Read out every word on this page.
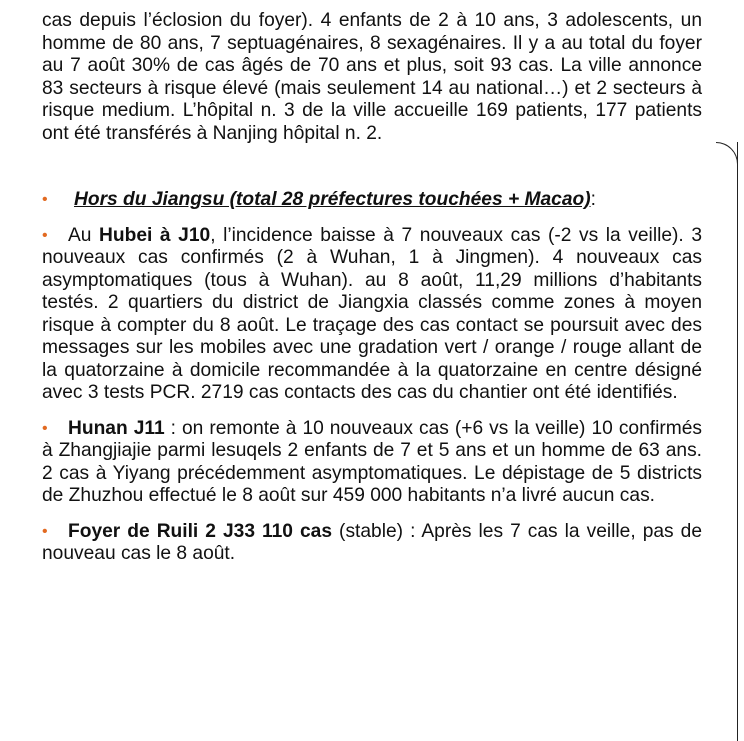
cas depuis l’éclosion du foyer). 4 enfants de 2 à 10 ans, 3 adolescents, un homme de 80 ans, 7 septuagénaires, 8 sexagénaires. Il y a au total du foyer au 7 août 30% de cas âgés de 70 ans et plus, soit 93 cas. La ville annonce 83 secteurs à risque élevé (mais seulement 14 au national…) et 2 secteurs à risque medium. L’hôpital n. 3 de la ville accueille 169 patients, 177 patients ont été transférés à Nanjing hôpital n. 2.

• Hors du Jiangsu (total 28 préfectures touchées + Macao):

• Au Hubei à J10, l’incidence baisse à 7 nouveaux cas (-2 vs la veille). 3 nouveaux cas confirmés (2 à Wuhan, 1 à Jingmen). 4 nouveaux cas asymptomatiques (tous à Wuhan). au 8 août, 11,29 millions d’habitants testés. 2 quartiers du district de Jiangxia classés comme zones à moyen risque à compter du 8 août. Le traçage des cas contact se poursuit avec des messages sur les mobiles avec une gradation vert / orange / rouge allant de la quatorzaine à domicile recommandée à la quatorzaine en centre désigné avec 3 tests PCR. 2719 cas contacts des cas du chantier ont été identifiés.

• Hunan J11 : on remonte à 10 nouveaux cas (+6 vs la veille) 10 confirmés à Zhangjiajie parmi lesuqels 2 enfants de 7 et 5 ans et un homme de 63 ans. 2 cas à Yiyang précédemment asymptomatiques. Le dépistage de 5 districts de Zhuzhou effectué le 8 août sur 459 000 habitants n’a livré aucun cas.

• Foyer de Ruili 2 J33 110 cas (stable) : Après les 7 cas la veille, pas de nouveau cas le 8 août.
